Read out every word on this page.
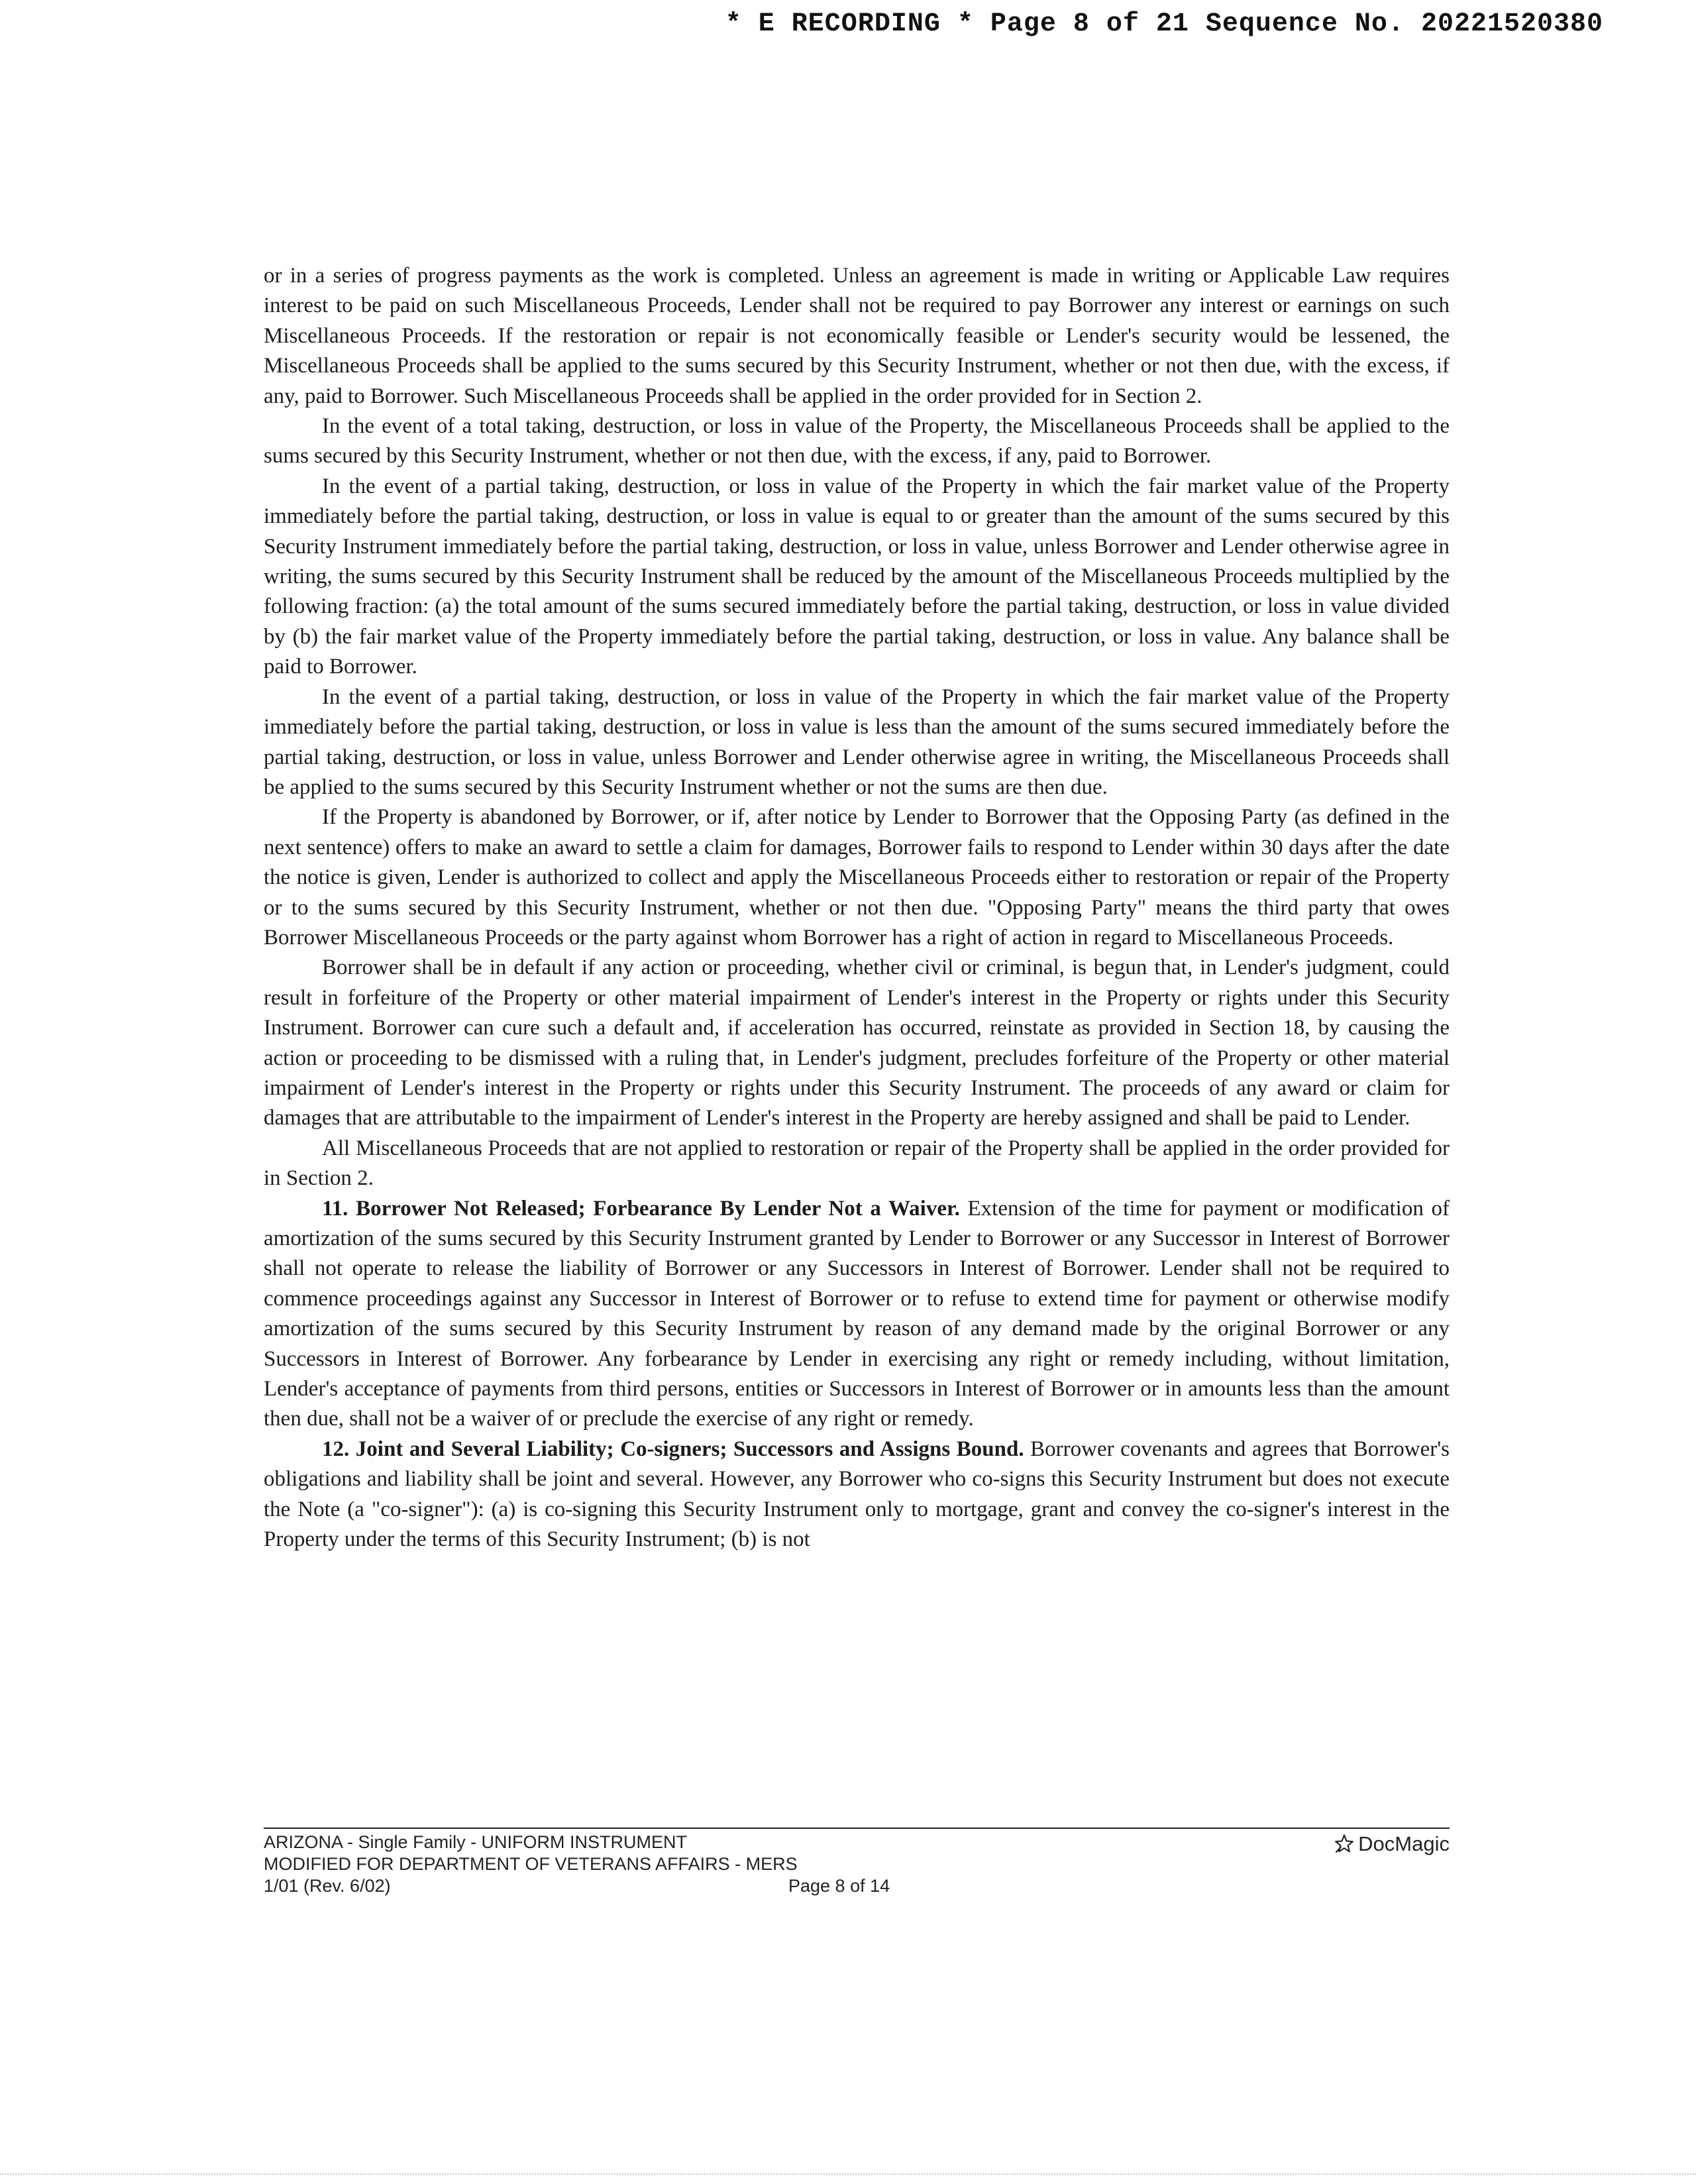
* E RECORDING * Page 8 of 21 Sequence No. 20221520380

or in a series of progress payments as the work is completed. Unless an agreement is made in writing or Applicable Law requires interest to be paid on such Miscellaneous Proceeds, Lender shall not be required to pay Borrower any interest or earnings on such Miscellaneous Proceeds. If the restoration or repair is not economically feasible or Lender's security would be lessened, the Miscellaneous Proceeds shall be applied to the sums secured by this Security Instrument, whether or not then due, with the excess, if any, paid to Borrower. Such Miscellaneous Proceeds shall be applied in the order provided for in Section 2.

In the event of a total taking, destruction, or loss in value of the Property, the Miscellaneous Proceeds shall be applied to the sums secured by this Security Instrument, whether or not then due, with the excess, if any, paid to Borrower.

In the event of a partial taking, destruction, or loss in value of the Property in which the fair market value of the Property immediately before the partial taking, destruction, or loss in value is equal to or greater than the amount of the sums secured by this Security Instrument immediately before the partial taking, destruction, or loss in value, unless Borrower and Lender otherwise agree in writing, the sums secured by this Security Instrument shall be reduced by the amount of the Miscellaneous Proceeds multiplied by the following fraction: (a) the total amount of the sums secured immediately before the partial taking, destruction, or loss in value divided by (b) the fair market value of the Property immediately before the partial taking, destruction, or loss in value. Any balance shall be paid to Borrower.

In the event of a partial taking, destruction, or loss in value of the Property in which the fair market value of the Property immediately before the partial taking, destruction, or loss in value is less than the amount of the sums secured immediately before the partial taking, destruction, or loss in value, unless Borrower and Lender otherwise agree in writing, the Miscellaneous Proceeds shall be applied to the sums secured by this Security Instrument whether or not the sums are then due.

If the Property is abandoned by Borrower, or if, after notice by Lender to Borrower that the Opposing Party (as defined in the next sentence) offers to make an award to settle a claim for damages, Borrower fails to respond to Lender within 30 days after the date the notice is given, Lender is authorized to collect and apply the Miscellaneous Proceeds either to restoration or repair of the Property or to the sums secured by this Security Instrument, whether or not then due. "Opposing Party" means the third party that owes Borrower Miscellaneous Proceeds or the party against whom Borrower has a right of action in regard to Miscellaneous Proceeds.

Borrower shall be in default if any action or proceeding, whether civil or criminal, is begun that, in Lender's judgment, could result in forfeiture of the Property or other material impairment of Lender's interest in the Property or rights under this Security Instrument. Borrower can cure such a default and, if acceleration has occurred, reinstate as provided in Section 18, by causing the action or proceeding to be dismissed with a ruling that, in Lender's judgment, precludes forfeiture of the Property or other material impairment of Lender's interest in the Property or rights under this Security Instrument. The proceeds of any award or claim for damages that are attributable to the impairment of Lender's interest in the Property are hereby assigned and shall be paid to Lender.

All Miscellaneous Proceeds that are not applied to restoration or repair of the Property shall be applied in the order provided for in Section 2.

11. Borrower Not Released; Forbearance By Lender Not a Waiver. Extension of the time for payment or modification of amortization of the sums secured by this Security Instrument granted by Lender to Borrower or any Successor in Interest of Borrower shall not operate to release the liability of Borrower or any Successors in Interest of Borrower. Lender shall not be required to commence proceedings against any Successor in Interest of Borrower or to refuse to extend time for payment or otherwise modify amortization of the sums secured by this Security Instrument by reason of any demand made by the original Borrower or any Successors in Interest of Borrower. Any forbearance by Lender in exercising any right or remedy including, without limitation, Lender's acceptance of payments from third persons, entities or Successors in Interest of Borrower or in amounts less than the amount then due, shall not be a waiver of or preclude the exercise of any right or remedy.

12. Joint and Several Liability; Co-signers; Successors and Assigns Bound. Borrower covenants and agrees that Borrower's obligations and liability shall be joint and several. However, any Borrower who co-signs this Security Instrument but does not execute the Note (a "co-signer"): (a) is co-signing this Security Instrument only to mortgage, grant and convey the co-signer's interest in the Property under the terms of this Security Instrument; (b) is not

ARIZONA - Single Family - UNIFORM INSTRUMENT
MODIFIED FOR DEPARTMENT OF VETERANS AFFAIRS - MERS
1/01 (Rev. 6/02)	Page 8 of 14
DocMagic
